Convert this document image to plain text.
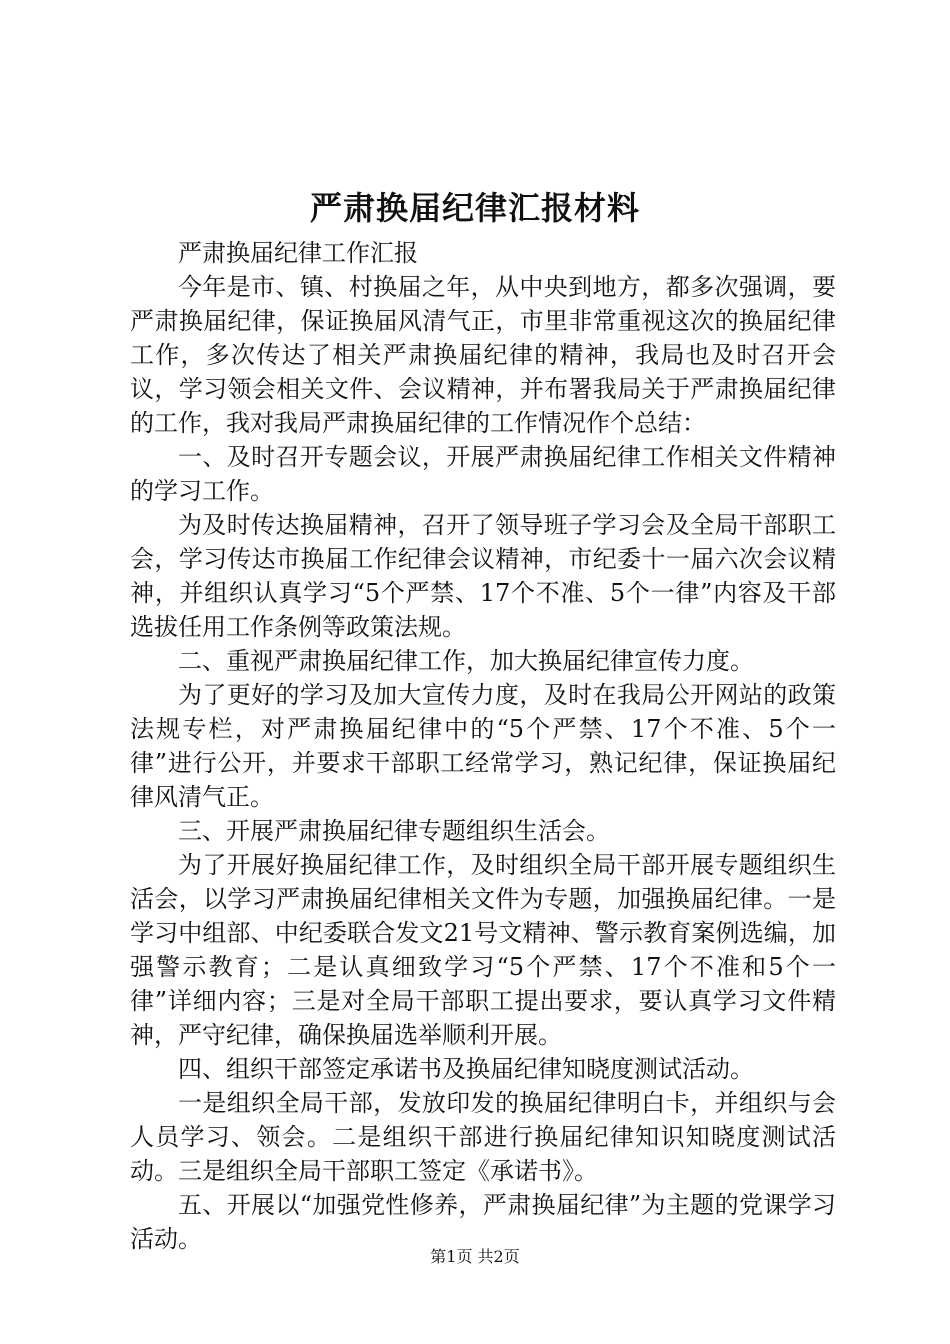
严肃换届纪律汇报材料

严肃换届纪律工作汇报

今年是市、镇、村换届之年，从中央到地方，都多次强调，要严肃换届纪律，保证换届风清气正，市里非常重视这次的换届纪律工作，多次传达了相关严肃换届纪律的精神，我局也及时召开会议，学习领会相关文件、会议精神，并布署我局关于严肃换届纪律的工作，我对我局严肃换届纪律的工作情况作个总结：

一、及时召开专题会议，开展严肃换届纪律工作相关文件精神的学习工作。

为及时传达换届精神，召开了领导班子学习会及全局干部职工会，学习传达市换届工作纪律会议精神，市纪委十一届六次会议精神，并组织认真学习“5个严禁、17个不准、5个一律”内容及干部选拔任用工作条例等政策法规。

二、重视严肃换届纪律工作，加大换届纪律宣传力度。

为了更好的学习及加大宣传力度，及时在我局公开网站的政策法规专栏，对严肃换届纪律中的“5个严禁、17个不准、5个一律”进行公开，并要求干部职工经常学习，熟记纪律，保证换届纪律风清气正。

三、开展严肃换届纪律专题组织生活会。

为了开展好换届纪律工作，及时组织全局干部开展专题组织生活会，以学习严肃换届纪律相关文件为专题，加强换届纪律。一是学习中组部、中纪委联合发文21号文精神、警示教育案例选编，加强警示教育；二是认真细致学习“5个严禁、17个不准和5个一律”详细内容；三是对全局干部职工提出要求，要认真学习文件精神，严守纪律，确保换届选举顺利开展。

四、组织干部签定承诺书及换届纪律知晓度测试活动。

一是组织全局干部，发放印发的换届纪律明白卡，并组织与会人员学习、领会。二是组织干部进行换届纪律知识知晓度测试活动。三是组织全局干部职工签定《承诺书》。

五、开展以“加强党性修养，严肃换届纪律”为主题的党课学习活动。

第1页 共2页
